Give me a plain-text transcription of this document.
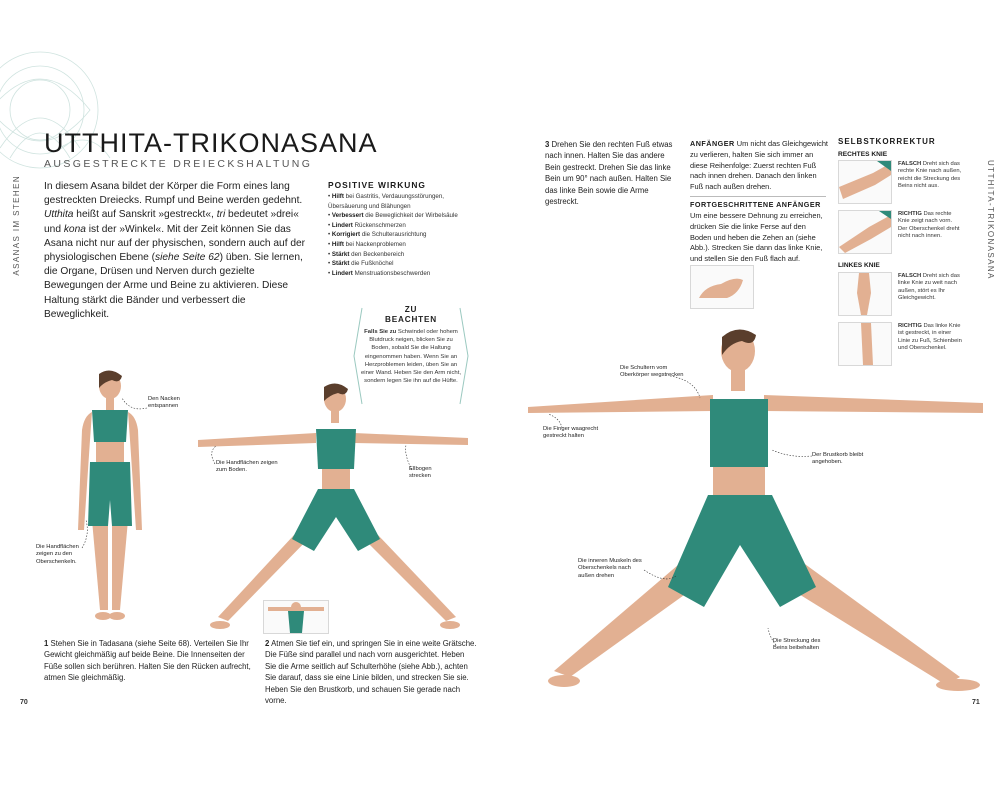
ASANAS IM STEHEN	UTTHITA-TRIKONASANA
UTTHITA-TRIKONASANA
AUSGESTRECKTE DREIECKSHALTUNG

In diesem Asana bildet der Körper die Form eines lang gestreckten Dreiecks. Rumpf und Beine werden gedehnt. Utthita heißt auf Sanskrit »gestreckt«, tri bedeutet »drei« und kona ist der »Winkel«. Mit der Zeit können Sie das Asana nicht nur auf der physischen, sondern auch auf der physiologischen Ebene (siehe Seite 62) üben. Sie lernen, die Organe, Drüsen und Nerven durch gezielte Bewegungen der Arme und Beine zu aktivieren. Diese Haltung stärkt die Bänder und verbessert die Beweglichkeit.

POSITIVE WIRKUNG
• Hilft bei Gastritis, Verdauungsstörungen, Übersäuerung und Blähungen
• Verbessert die Beweglichkeit der Wirbelsäule
• Lindert Rückenschmerzen
• Korrigiert die Schulterausrichtung
• Hilft bei Nackenproblemen
• Stärkt den Beckenbereich
• Stärkt die Fußknöchel
• Lindert Menstruationsbeschwerden
ZU
BEACHTEN
Falls Sie zu Schwindel oder hohem Blutdruck neigen, blicken Sie zu Boden, sobald Sie die Haltung eingenommen haben. Wenn Sie an Herzproblemen leiden, üben Sie an einer Wand. Heben Sie den Arm nicht, sondern legen Sie ihn auf die Hüfte.
Den Nacken entspannen
Die Handflächen zeigen zu den Oberschenkeln.
Die Handflächen zeigen zum Boden.	Ellbogen strecken
Die Schultern vom Oberkörper wegstrecken
Die Finger waagrecht gestreckt halten
Der Brustkorb bleibt angehoben.
Die inneren Muskeln des Oberschenkels nach außen drehen
Die Streckung des Beins beibehalten
1 Stehen Sie in Tadasana (siehe Seite 68). Verteilen Sie Ihr Gewicht gleichmäßig auf beide Beine. Die Innenseiten der Füße sollen sich berühren. Halten Sie den Rücken aufrecht, atmen Sie gleichmäßig.
2 Atmen Sie tief ein, und springen Sie in eine weite Grätsche. Die Füße sind parallel und nach vorn ausgerichtet. Heben Sie die Arme seitlich auf Schulterhöhe (siehe Abb.), achten Sie darauf, dass sie eine Linie bilden, und strecken Sie sie. Heben Sie den Brustkorb, und schauen Sie gerade nach vorne.
3 Drehen Sie den rechten Fuß etwas nach innen. Halten Sie das andere Bein gestreckt. Drehen Sie das linke Bein um 90° nach außen. Halten Sie das linke Bein sowie die Arme gestreckt.
ANFÄNGER Um nicht das Gleichgewicht zu verlieren, halten Sie sich immer an diese Reihenfolge: Zuerst rechten Fuß nach innen drehen. Danach den linken Fuß nach außen drehen.
FORTGESCHRITTENE ANFÄNGER
Um eine bessere Dehnung zu erreichen, drücken Sie die linke Ferse auf den Boden und heben die Zehen an (siehe Abb.). Strecken Sie dann das linke Knie, und stellen Sie den Fuß flach auf.
SELBSTKORREKTUR
RECHTES KNIE
LINKES KNIE
FALSCH Dreht sich das rechte Knie nach außen, reicht die Streckung des Beins nicht aus.
RICHTIG Das rechte Knie zeigt nach vorn. Der Oberschenkel dreht nicht nach innen.
FALSCH Dreht sich das linke Knie zu weit nach außen, stört es Ihr Gleichgewicht.
RICHTIG Das linke Knie ist gestreckt, in einer Linie zu Fuß, Schienbein und Oberschenkel.
70	71
